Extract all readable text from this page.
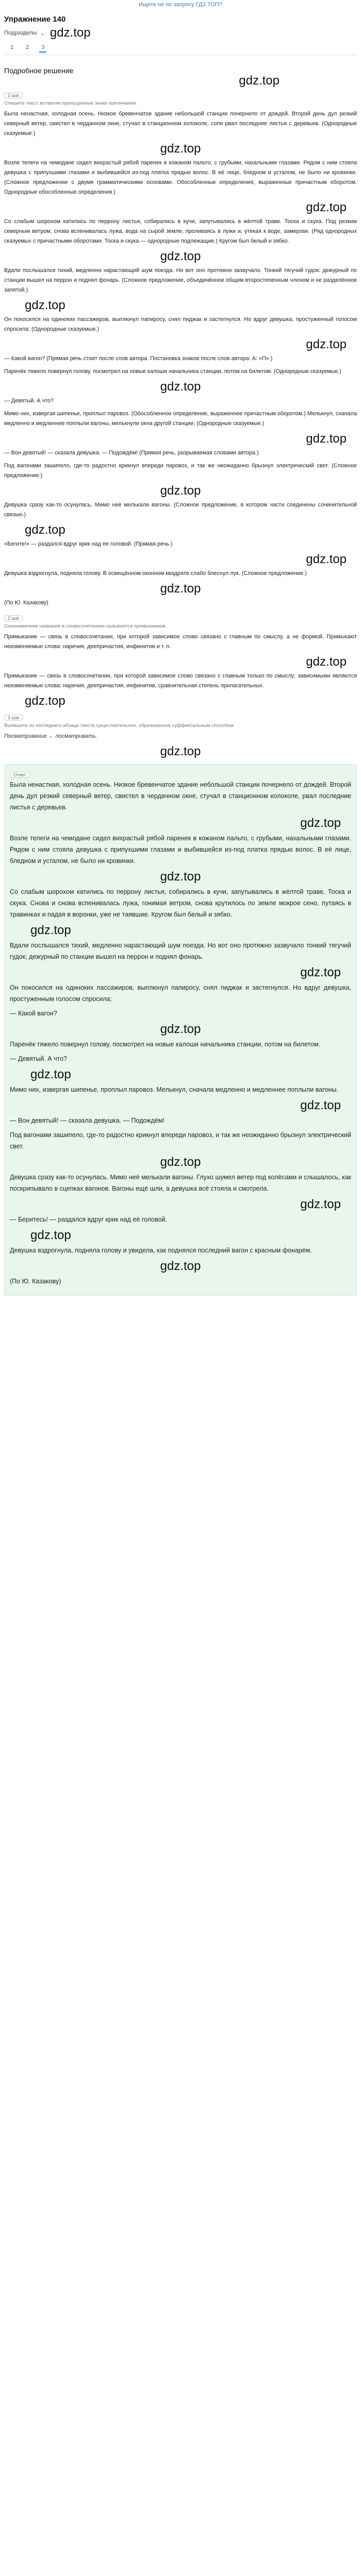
Ищете не по запросу ГДЗ ТОП?
Упражнение 140
Подразделы ⌄ gdz.top
1	2	3
Подробное решение
gdz.top
1 шаг
Спишите текст, вставляя пропущенные знаки препинания.

Была ненастная, холодная осень. Низкое бревенчатое здание небольшой станции почернело от дождей. Второй день дул резкий северный ветер, свистел в черданном окне, стучал в станционном колоколе, сопя рвал последние листья с деревьев. (Однородные сказуемые.)

gdz.top

Возле телеги на чемодане сидел вихрастый рябой паренек в кожаном пальто, с грубыми, нахальными глазами. Рядом с ним стояла девушка с припухшими глазами и выбившейся из-под платка прядью волос. В её лице, бледном и усталом, не было ни кровинки. (Сложное предложение с двумя грамматическими основами. Обособленные определения, выраженные причастным оборотом. Однородные обособленные определения.)

gdz.top

Со слабым шорохом катились по перрону листья, собирались в кучи, запутывались в жёлтой траве. Тоска и скука. Под резким северным ветром, снова вспенивалась лужа, вода на сырой земле, проливаясь в лужи и, утекая к воде, замерзая. (Ряд однородных сказуемых с причастными оборотами. Тоска и скука — однородные подлежащие.) Кругом был белый и зябко.

gdz.top

Вдали послышался тихий, медленно нарастающий шум поезда. Но вот оно протяжно зазвучало. Тонкий тягучий гудок: дежурный по станции вышел на перрон и поднял фонарь. (Сложное предложение, объединённое общим второстепенным членом и не разделённое запятой.)

gdz.top

Он покосился на одиноких пассажиров, выплюнул папиросу, снял пиджак и застегнулся. Но вдруг девушка, простуженный голосом спросила: (Однородные сказуемые.)

gdz.top

— Какой вагон? (Прямая речь стоит после слов автора. Постановка знаков после слов автора: А: «П».)

Паренёк тяжело повернул голову, посмотрел на новые калоши начальника станции, потом на билетом. (Однородные сказуемые.)

gdz.top

— Девятый. А что?

Мимо них, извергая шипенье, проплыл паровоз. (Обособленное определение, выраженное причастным оборотом.) Мелькнул, сначала медленно и медленнее поплыли вагоны, мелькнули окна другой станции. (Однородные сказуемые.)

gdz.top

— Вон девятый! — сказала девушка. — Подождём! (Прямая речь, разрываемая словами автора.)

Под вагонами зашипело, где-то радостно крикнул впереди паровоз, и так же неожиданно брызнул электрический свет. (Сложное предложение.)

gdz.top

Девушка сразу как-то осунулась. Мимо неё мелькали вагоны. (Сложное предложение, в котором части соединены сочинительной связью.)

gdz.top

«Бегите!» — раздался вдруг крик над ее головой. (Прямая речь.)

gdz.top

Девушка вздрогнула, подняла голову. В освещённом оконном квадрате слабо блеснул лук. (Сложное предложение.)

gdz.top

(По Ю. Казакову)

2 шаг
Синонимичное название в словосочетаниях называется примыканием.

Примыкание — связь в словосочетании, при которой зависимое слово связано с главным по смыслу, а не формой. Примыкают неизменяемые слова: наречия, деепричастия, инфинитив и т. п.

gdz.top

Примыкание — связь в словосочетании, при которой зависимое слово связано с главным только по смыслу; зависимыми являются неизменяемые слова: наречия, деепричастия, инфинитив, сравнительная степень прилагательных.

gdz.top
3 шаг
Выпишите из последнего абзаца текста существительное, образованное суффиксальным способом.

Посматривание ← посматривать.

gdz.top
Ответ

Была ненастная, холодная осень. Низкое бревенчатое здание небольшой станции почернело от дождей. Второй день дул резкий северный ветер, свистел в чердачном окне, стучал в станционном колоколе, рвал последние листья с деревьев.

gdz.top

Возле телеги на чемодане сидел вихрастый рябой паренек в кожаном пальто, с грубыми, нахальными глазами. Рядом с ним стояла девушка с припухшими глазами и выбившейся из-под платка прядью волос. В её лице, бледном и усталом, не было ни кровинки.

gdz.top

Со слабым шорохом катились по перрону листья, собирались в кучи, запутывались в жёлтой траве. Тоска и скука. Снова и снова вспенивалась лужа, гонимая ветром, снова крутилось по земле мокрое сено, путаясь в травинках и падая в воронки, уже не таявшие. Кругом был белый и зябко.

gdz.top

Вдали послышался тихий, медленно нарастающий шум поезда. Но вот оно протяжно зазвучало тонкий тягучий гудок; дежурный по станции вышел на перрон и поднял фонарь.

gdz.top

Он покосился на одиноких пассажиров, выплюнул папиросу, снял пиджак и застегнулся. Но вдруг девушка, простуженным голосом спросила:

— Какой вагон?

gdz.top

Паренёк тяжело повернул голову, посмотрел на новые калоши начальника станции, потом на билетом.

— Девятый. А что?

gdz.top

Мимо них, извергая шипенье, проплыл паровоз. Мелькнул, сначала медленно и медленнее поплыли вагоны.

gdz.top

— Вон девятый! — сказала девушка. — Подождём!

Под вагонами зашипело, где-то радостно крикнул впереди паровоз, и так же неожиданно брызнул электрический свет.

gdz.top

Девушка сразу как-то осунулась. Мимо неё мелькали вагоны. Глухо шумел ветер под колёсами и слышалось, как поскрипывало в сцепках вагонов. Вагоны ещё шли, а девушка всё стояла и смотрела.

gdz.top

— Беритесь! — раздался вдруг крик над её головой.

gdz.top

Девушка вздрогнула, подняла голову и увидела, как поднялся последний вагон с красным фонарём.

gdz.top

(По Ю. Казакову)
